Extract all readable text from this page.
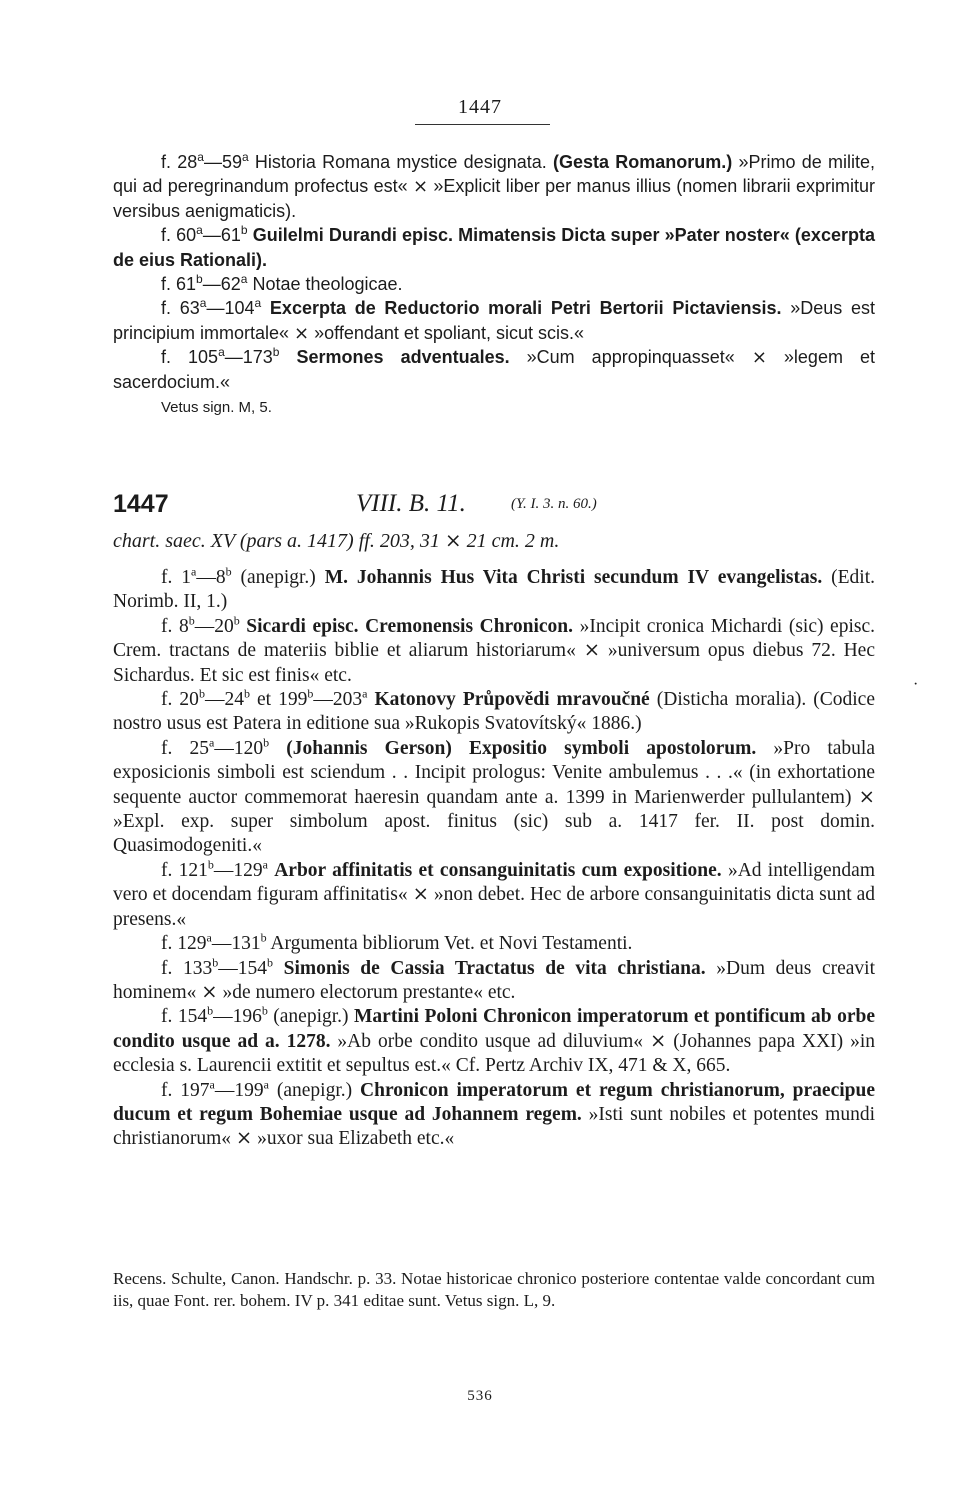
1447

f. 28$^a$—59$^a$ Historia Romana mystice designata. (Gesta Romanorum.) »Primo de milite, qui ad peregrinandum profectus est« ⨯ »Explicit liber per manus illius (nomen librarii exprimitur versibus aenigmaticis).

f. 60$^a$—61$^b$ Guilelmi Durandi episc. Mimatensis Dicta super »Pater noster« (excerpta de eius Rationali).

f. 61$^b$—62$^a$ Notae theologicae.

f. 63$^a$—104$^a$ Excerpta de Reductorio morali Petri Bertorii Pictaviensis. »Deus est principium immortale« ⨯ »offendant et spoliant, sicut scis.«

f. 105$^a$—173$^b$ Sermones adventuales. »Cum appropinquasset« ⨯ »legem et sacerdocium.«

Vetus sign. M, 5.

1447	VIII. B. 11.	(Y. I. 3. n. 60.)
chart. saec. XV (pars a. 1417) ff. 203, 31 ⨯ 21 cm. 2 m.
·

f. 1$^a$—8$^b$ (anepigr.) M. Johannis Hus Vita Christi secundum IV evangelistas. (Edit. Norimb. II, 1.)

f. 8$^b$—20$^b$ Sicardi episc. Cremonensis Chronicon. »Incipit cronica Michardi (sic) episc. Crem. tractans de materiis biblie et aliarum historiarum« ⨯ »universum opus diebus 72. Hec Sichardus. Et sic est finis« etc.

f. 20$^b$—24$^b$ et 199$^b$—203$^a$ Katonovy Průpovědi mravoučné (Disticha moralia). (Codice nostro usus est Patera in editione sua »Rukopis Svatovítský« 1886.)

f. 25$^a$—120$^b$ (Johannis Gerson) Expositio symboli apostolorum. »Pro tabula exposicionis simboli est sciendum . . Incipit prologus: Venite ambulemus . . .« (in exhortatione sequente auctor commemorat haeresin quandam ante a. 1399 in Marienwerder pullulantem) ⨯ »Expl. exp. super simbolum apost. finitus (sic) sub a. 1417 fer. II. post domin. Quasimodogeniti.«

f. 121$^b$—129$^a$ Arbor affinitatis et consanguinitatis cum expositione. »Ad intelligendam vero et docendam figuram affinitatis« ⨯ »non debet. Hec de arbore consanguinitatis dicta sunt ad presens.«

f. 129$^a$—131$^b$ Argumenta bibliorum Vet. et Novi Testamenti.

f. 133$^b$—154$^b$ Simonis de Cassia Tractatus de vita christiana. »Dum deus creavit hominem« ⨯ »de numero electorum prestante« etc.

f. 154$^b$—196$^b$ (anepigr.) Martini Poloni Chronicon imperatorum et pontificum ab orbe condito usque ad a. 1278. »Ab orbe condito usque ad diluvium« ⨯ (Johannes papa XXI) »in ecclesia s. Laurencii extitit et sepultus est.« Cf. Pertz Archiv IX, 471 & X, 665.

f. 197$^a$—199$^a$ (anepigr.) Chronicon imperatorum et regum christianorum, praecipue ducum et regum Bohemiae usque ad Johannem regem. »Isti sunt nobiles et potentes mundi christianorum« ⨯ »uxor sua Elizabeth etc.«

Recens. Schulte, Canon. Handschr. p. 33. Notae historicae chronico posteriore contentae valde concordant cum iis, quae Font. rer. bohem. IV p. 341 editae sunt. Vetus sign. L, 9.

536
